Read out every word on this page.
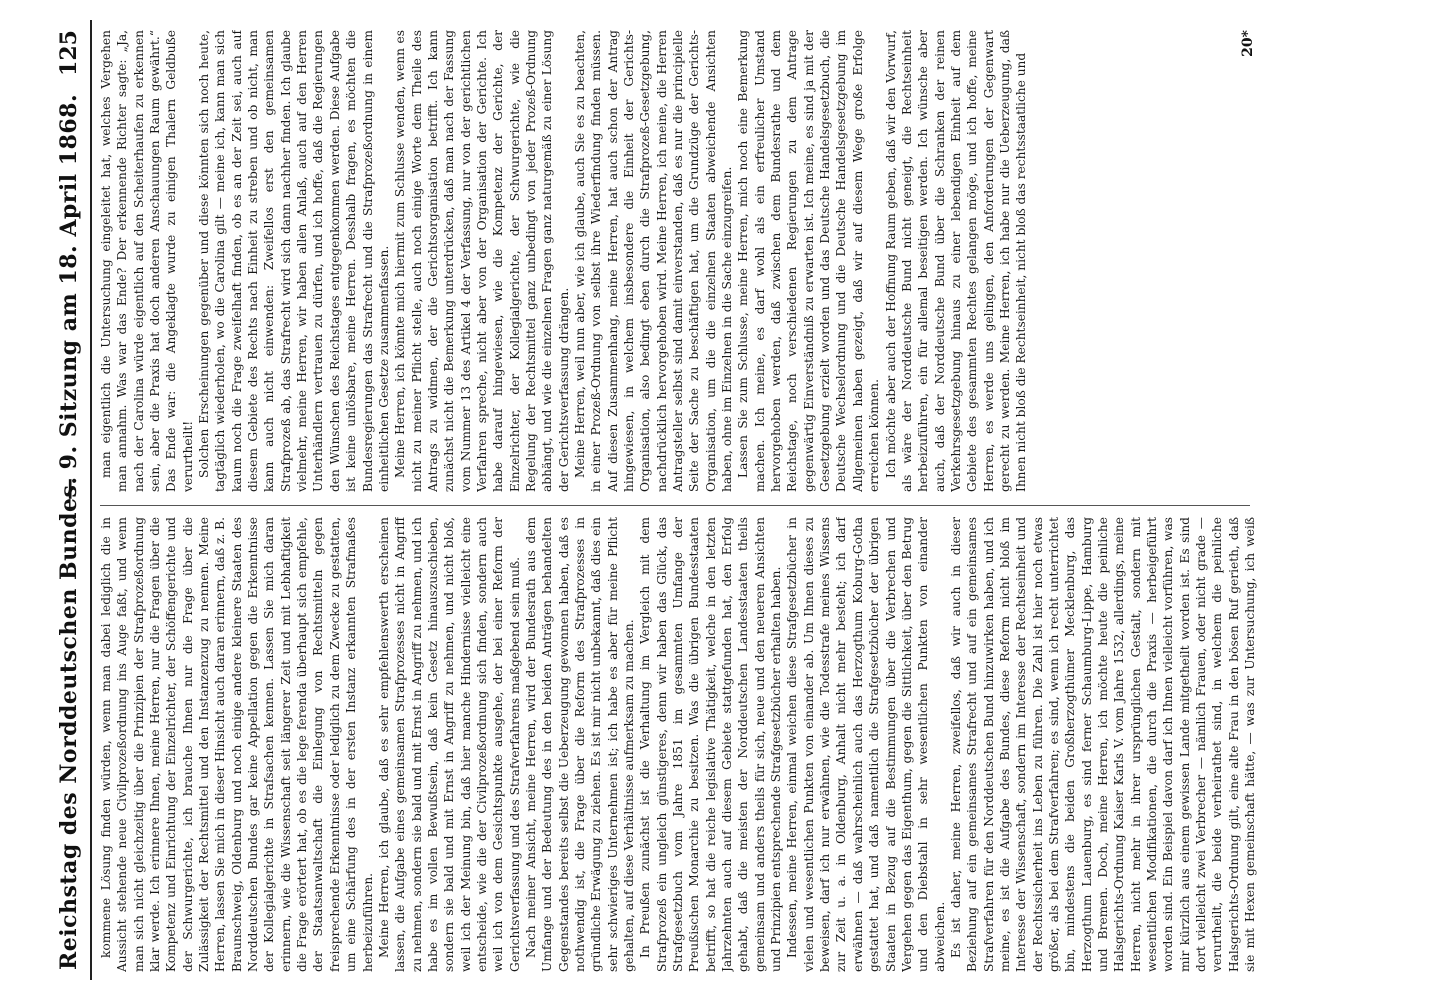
Reichstag des Norddeutschen Bundes.
— 9. Sitzung am 18. April 1868.
125

kommene Lösung finden würden, wenn man dabei lediglich die in Aussicht stehende neue Civilprozeßordnung ins Auge faßt, und wenn man sich nicht gleichzeitig über die Prinzipien der Strafprozeßordnung klar werde. Ich erinnere Ihnen, meine Herren, nur die Fragen über die Kompetenz und Einrichtung der Einzelrichter, der Schöffengerichte und der Schwurgerichte, ich brauche Ihnen nur die Frage über die Zulässigkeit der Rechtsmittel und den Instanzenzug zu nennen. Meine Herren, lassen Sie mich in dieser Hinsicht auch daran erinnern, daß z. B. Braunschweig, Oldenburg und noch einige andere kleinere Staaten des Norddeutschen Bundes gar keine Appellation gegen die Erkenntnisse der Kollegialgerichte in Strafsachen kennen. Lassen Sie mich daran erinnern, wie die Wissenschaft seit längerer Zeit und mit Lebhaftigkeit die Frage erörtert hat, ob es die lege ferenda überhaupt sich empfehle, der Staatsanwaltschaft die Einlegung von Rechtsmitteln gegen freisprechende Erkenntnisse oder lediglich zu dem Zwecke zu gestatten, um eine Schärfung des in der ersten Instanz erkannten Strafmaßes herbeizuführen. Meine Herren, ich glaube, daß es sehr empfehlenswerth erscheinen lassen, die Aufgabe eines gemeinsamen Strafprozesses nicht in Angriff zu nehmen, sondern sie bald und mit Ernst in Angriff zu nehmen, und ich habe es im vollen Bewußtsein, daß kein Gesetz hinauszuschieben, sondern sie bald und mit Ernst in Angriff zu nehmen, und nicht bloß, weil ich der Meinung bin, daß hier manche Hindernisse vielleicht eine entscheide, wie die der Civilprozeßordnung sich finden, sondern auch weil ich von dem Gesichtspunkte ausgehe, der bei einer Reform der Gerichtsverfassung und des Strafverfahrens maßgebend sein muß. Nach meiner Ansicht, meine Herren, wird der Bundesrath aus dem Umfange und der Bedeutung des in den beiden Anträgen behandelten Gegenstandes bereits selbst die Ueberzeugung gewonnen haben, daß es nothwendig ist, die Frage über die Reform des Strafprozesses in gründliche Erwägung zu ziehen. Es ist mir nicht unbekannt, daß dies ein sehr schwieriges Unternehmen ist; ich habe es aber für meine Pflicht gehalten, auf diese Verhältnisse aufmerksam zu machen. In Preußen zunächst ist die Verhaltung im Vergleich mit dem Strafprozeß ein ungleich günstigeres, denn wir haben das Glück, das Strafgesetzbuch vom Jahre 1851 im gesammten Umfange der Preußischen Monarchie zu besitzen. Was die übrigen Bundesstaaten betrifft, so hat die reiche legislative Thätigkeit, welche in den letzten Jahrzehnten auch auf diesem Gebiete stattgefunden hat, den Erfolg gehabt, daß die meisten der Norddeutschen Landesstaaten theils gemeinsam und anders theils für sich, neue und den neueren Ansichten und Prinzipien entsprechende Strafgesetzbücher erhalten haben. Indessen, meine Herren, einmal weichen diese Strafgesetzbücher in vielen und wesentlichen Punkten von einander ab. Um Ihnen dieses zu beweisen, darf ich nur erwähnen, wie die Todesstrafe meines Wissens zur Zeit u. a. in Oldenburg, Anhalt nicht mehr besteht; ich darf erwähnen — daß wahrscheinlich auch das Herzogthum Koburg-Gotha gestattet hat, und daß namentlich die Strafgesetzbücher der übrigen Staaten in Bezug auf die Bestimmungen über die Verbrechen und Vergehen gegen das Eigenthum, gegen die Sittlichkeit, über den Betrug und den Diebstahl in sehr wesentlichen Punkten von einander abweichen. Es ist daher, meine Herren, zweifellos, daß wir auch in dieser Beziehung auf ein gemeinsames Strafrecht und auf ein gemeinsames Strafverfahren für den Norddeutschen Bund hinzuwirken haben, und ich meine, es ist die Aufgabe des Bundes, diese Reform nicht bloß im Interesse der Wissenschaft, sondern im Interesse der Rechtseinheit und der Rechtssicherheit ins Leben zu führen. Die Zahl ist hier noch etwas größer, als bei dem Strafverfahren; es sind, wenn ich recht unterrichtet bin, mindestens die beiden Großherzogthümer Mecklenburg, das Herzogthum Lauenburg, es sind ferner Schaumburg-Lippe, Hamburg und Bremen. Doch, meine Herren, ich möchte heute die peinliche Halsgerichts-Ordnung Kaiser Karls V. vom Jahre 1532, allerdings, meine Herren, nicht mehr in ihrer ursprünglichen Gestalt, sondern mit wesentlichen Modifikationen, die durch die Praxis — herbeigeführt worden sind. Ein Beispiel davon darf ich Ihnen vielleicht vorführen, was mir kürzlich aus einem gewissen Lande mitgetheilt worden ist. Es sind dort vielleicht zwei Verbrecher — nämlich Frauen, oder nicht grade — verurtheilt, die beide verheirathet sind, in welchem die peinliche Halsgerichts-Ordnung gilt, eine alte Frau in den bösen Ruf gerieth, daß sie mit Hexen gemeinschaft hätte, — was zur Untersuchung, ich weiß

man eigentlich die Untersuchung eingeleitet hat, welches Vergehen man annahm. Was war das Ende? Der erkennende Richter sagte: „Ja, nach der Carolina würde eigentlich auf den Scheiterhaufen zu erkennen sein, aber die Praxis hat doch anderen Anschauungen Raum gewährt.“ Das Ende war: die Angeklagte wurde zu einigen Thalern Geldbuße verurtheilt! Solchen Erscheinungen gegenüber und diese könnten sich noch heute, tagtäglich wiederholen, wo die Carolina gilt — meine ich, kann man sich kaum noch die Frage zweifelhaft finden, ob es an der Zeit sei, auch auf diesem Gebiete des Rechts nach Einheit zu streben und ob nicht, man kann auch nicht einwenden: Zweifellos erst den gemeinsamen Strafprozeß ab, das Strafrecht wird sich dann nachher finden. Ich glaube vielmehr, meine Herren, wir haben allen Anlaß, auch auf den Herren Unterhändlern vertrauen zu dürfen, und ich hoffe, daß die Regierungen den Wünschen des Reichstages entgegenkommen werden. Diese Aufgabe ist keine unlösbare, meine Herren. Desshalb fragen, es möchten die Bundesregierungen das Strafrecht und die Strafprozeßordnung in einem einheitlichen Gesetze zusammenfassen. Meine Herren, ich könnte mich hiermit zum Schlusse wenden, wenn es nicht zu meiner Pflicht stelle, auch noch einige Worte dem Theile des Antrags zu widmen, der die Gerichtsorganisation betrifft. Ich kann zunächst nicht die Bemerkung unterdrücken, daß man nach der Fassung vom Nummer 13 des Artikel 4 der Verfassung, nur von der gerichtlichen Verfahren spreche, nicht aber von der Organisation der Gerichte. Ich habe darauf hingewiesen, wie die Kompetenz der Gerichte, der Einzelrichter, der Kollegialgerichte, der Schwurgerichte, wie die Regelung der Rechtsmittel ganz unbedingt von jeder Prozeß-Ordnung abhängt, und wie die einzelnen Fragen ganz naturgemäß zu einer Lösung der Gerichtsverfassung drängen. Meine Herren, weil nun aber, wie ich glaube, auch Sie es zu beachten, in einer Prozeß-Ordnung von selbst ihre Wiederfindung finden müssen. Auf diesen Zusammenhang, meine Herren, hat auch schon der Antrag hingewiesen, in welchem insbesondere die Einheit der Gerichts-Organisation, also bedingt eben durch die Strafprozeß-Gesetzgebung, nachdrücklich hervorgehoben wird. Meine Herren, ich meine, die Herren Antragsteller selbst sind damit einverstanden, daß es nur die principielle Seite der Sache zu beschäftigen hat, um die Grundzüge der Gerichts-Organisation, um die die einzelnen Staaten abweichende Ansichten haben, ohne im Einzelnen in die Sache einzugreifen. Lassen Sie zum Schlusse, meine Herren, mich noch eine Bemerkung machen. Ich meine, es darf wohl als ein erfreulicher Umstand hervorgehoben werden, daß zwischen dem Bundesrathe und dem Reichstage, noch verschiedenen Regierungen zu dem Antrage gegenwärtig Einverständniß zu erwarten ist. Ich meine, es sind ja mit der Gesetzgebung erzielt worden und das Deutsche Handelsgesetzbuch, die Deutsche Wechselordnung und die Deutsche Handelsgesetzgebung im Allgemeinen haben gezeigt, daß wir auf diesem Wege große Erfolge erreichen können. Ich möchte aber auch der Hoffnung Raum geben, daß wir den Vorwurf, als wäre der Norddeutsche Bund nicht geneigt, die Rechtseinheit herbeizuführen, ein für allemal beseitigen werden. Ich wünsche aber auch, daß der Norddeutsche Bund über die Schranken der reinen Verkehrsgesetzgebung hinaus zu einer lebendigen Einheit auf dem Gebiete des gesammten Rechtes gelangen möge, und ich hoffe, meine Herren, es werde uns gelingen, den Anforderungen der Gegenwart gerecht zu werden. Meine Herren, ich habe nur die Ueberzeugung, daß Ihnen nicht bloß die Rechtseinheit, nicht bloß das rechtsstaatliche und

20*
